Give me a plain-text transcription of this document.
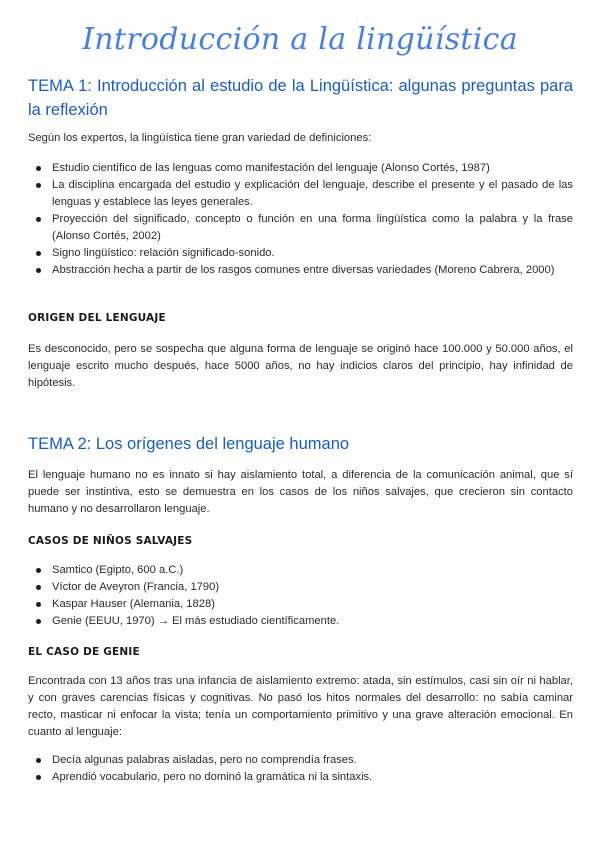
Introducción a la lingüística
TEMA 1: Introducción al estudio de la Lingüística: algunas preguntas para la reflexión
Según los expertos, la lingüística tiene gran variedad de definiciones:
Estudio científico de las lenguas como manifestación del lenguaje (Alonso Cortés, 1987)
La disciplina encargada del estudio y explicación del lenguaje, describe el presente y el pasado de las lenguas y establece las leyes generales.
Proyección del significado, concepto o función en una forma lingüística como la palabra y la frase (Alonso Cortés, 2002)
Signo lingüístico: relación significado-sonido.
Abstracción hecha a partir de los rasgos comunes entre diversas variedades (Moreno Cabrera, 2000)
ORIGEN DEL LENGUAJE
Es desconocido, pero se sospecha que alguna forma de lenguaje se originó hace 100.000 y 50.000 años, el lenguaje escrito mucho después, hace 5000 años, no hay indicios claros del principio, hay infinidad de hipótesis.
TEMA 2: Los orígenes del lenguaje humano
El lenguaje humano no es innato si hay aislamiento total, a diferencia de la comunicación animal, que sí puede ser instintiva, esto se demuestra en los casos de los niños salvajes, que crecieron sin contacto humano y no desarrollaron lenguaje.
CASOS DE NIÑOS SALVAJES
Samtico (Egipto, 600 a.C.)
Víctor de Aveyron (Francia, 1790)
Kaspar Hauser (Alemania, 1828)
Genie (EEUU, 1970) → El más estudiado científicamente.
EL CASO DE GENIE
Encontrada con 13 años tras una infancia de aislamiento extremo: atada, sin estímulos, casi sin oír ni hablar, y con graves carencias físicas y cognitivas. No pasó los hitos normales del desarrollo: no sabía caminar recto, masticar ni enfocar la vista; tenía un comportamiento primitivo y una grave alteración emocional. En cuanto al lenguaje:
Decía algunas palabras aisladas, pero no comprendía frases.
Aprendió vocabulario, pero no dominó la gramática ni la sintaxis.
